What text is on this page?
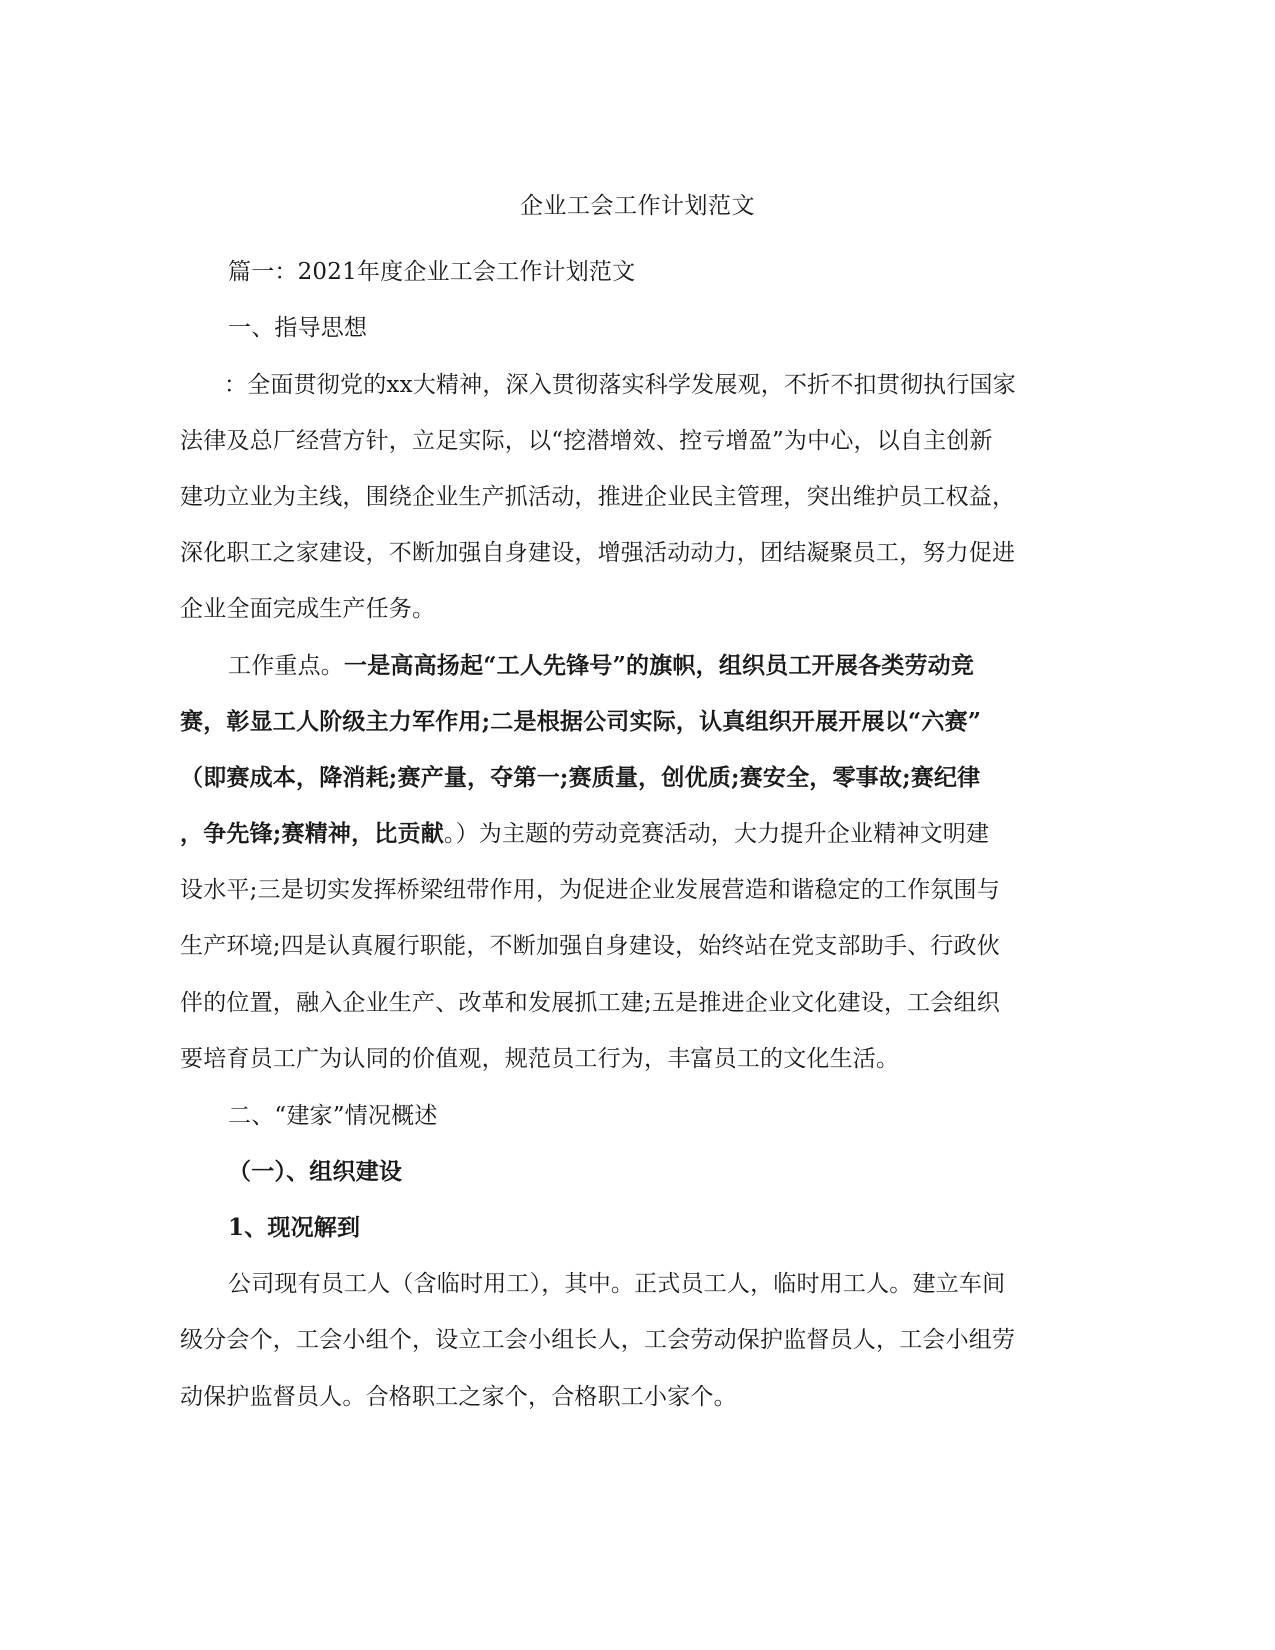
企业工会工作计划范文
篇一：2021年度企业工会工作计划范文
一、指导思想
：全面贯彻党的xx大精神，深入贯彻落实科学发展观，不折不扣贯彻执行国家
法律及总厂经营方针，立足实际，以“挖潜增效、控亏增盈”为中心，以自主创新
建功立业为主线，围绕企业生产抓活动，推进企业民主管理，突出维护员工权益，
深化职工之家建设，不断加强自身建设，增强活动动力，团结凝聚员工，努力促进
企业全面完成生产任务。
工作重点。一是高高扬起“工人先锋号”的旗帜，组织员工开展各类劳动竞
赛，彰显工人阶级主力军作用;二是根据公司实际，认真组织开展开展以“六赛”
（即赛成本，降消耗;赛产量，夺第一;赛质量，创优质;赛安全，零事故;赛纪律
，争先锋;赛精神，比贡献。）为主题的劳动竞赛活动，大力提升企业精神文明建
设水平;三是切实发挥桥梁纽带作用，为促进企业发展营造和谐稳定的工作氛围与
生产环境;四是认真履行职能，不断加强自身建设，始终站在党支部助手、行政伙
伴的位置，融入企业生产、改革和发展抓工建;五是推进企业文化建设，工会组织
要培育员工广为认同的价值观，规范员工行为，丰富员工的文化生活。
二、“建家”情况概述
（一）、组织建设
1、现况解到
公司现有员工人（含临时用工），其中。正式员工人，临时用工人。建立车间
级分会个，工会小组个，设立工会小组长人，工会劳动保护监督员人，工会小组劳
动保护监督员人。合格职工之家个，合格职工小家个。
